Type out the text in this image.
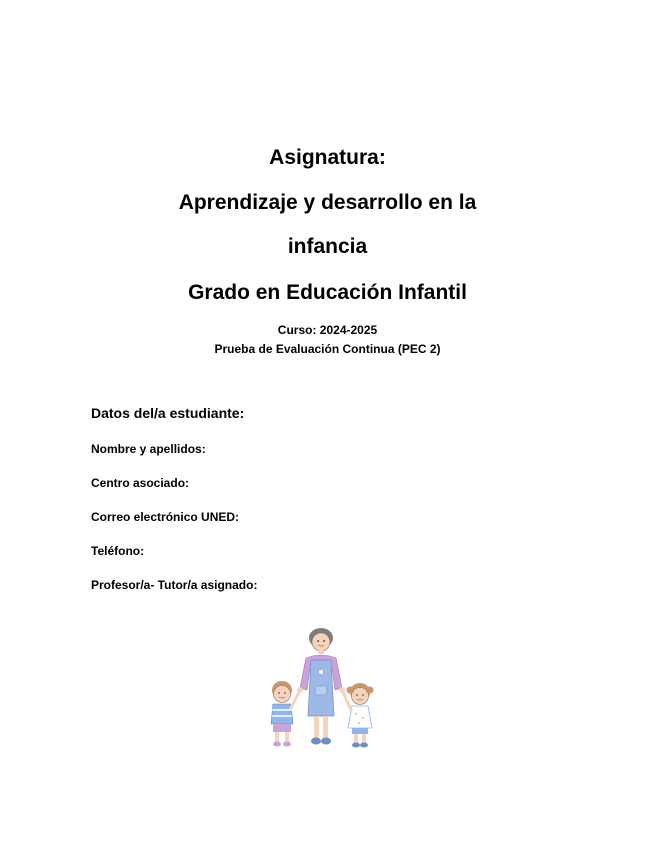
Asignatura:
Aprendizaje y desarrollo en la
infancia
Grado en Educación Infantil
Curso: 2024-2025
Prueba de Evaluación Continua (PEC 2)
Datos del/a estudiante:
Nombre y apellidos:
Centro asociado:
Correo electrónico UNED:
Teléfono:
Profesor/a- Tutor/a asignado:
